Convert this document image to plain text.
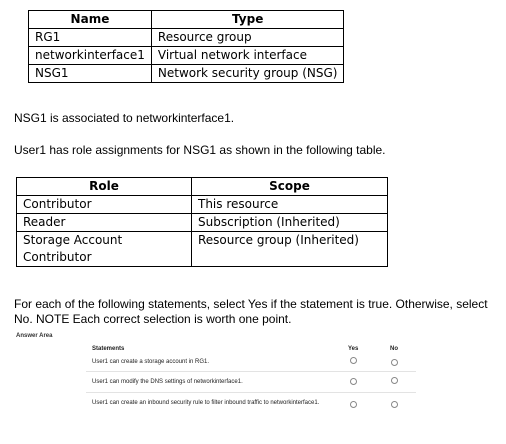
Name	Type
RG1	Resource group
networkinterface1	Virtual network interface
NSG1	Network security group (NSG)
NSG1 is associated to networkinterface1.
User1 has role assignments for NSG1 as shown in the following table.
Role	Scope
Contributor	This resource
Reader	Subscription (Inherited)
Storage Account Contributor	Resource group (Inherited)
For each of the following statements, select Yes if the statement is true. Otherwise, select
No. NOTE Each correct selection is worth one point.
Answer Area
Statements	Yes	No
User1 can create a storage account in RG1.
User1 can modify the DNS settings of networkinterface1.
User1 can create an inbound security rule to filter inbound traffic to networkinterface1.
